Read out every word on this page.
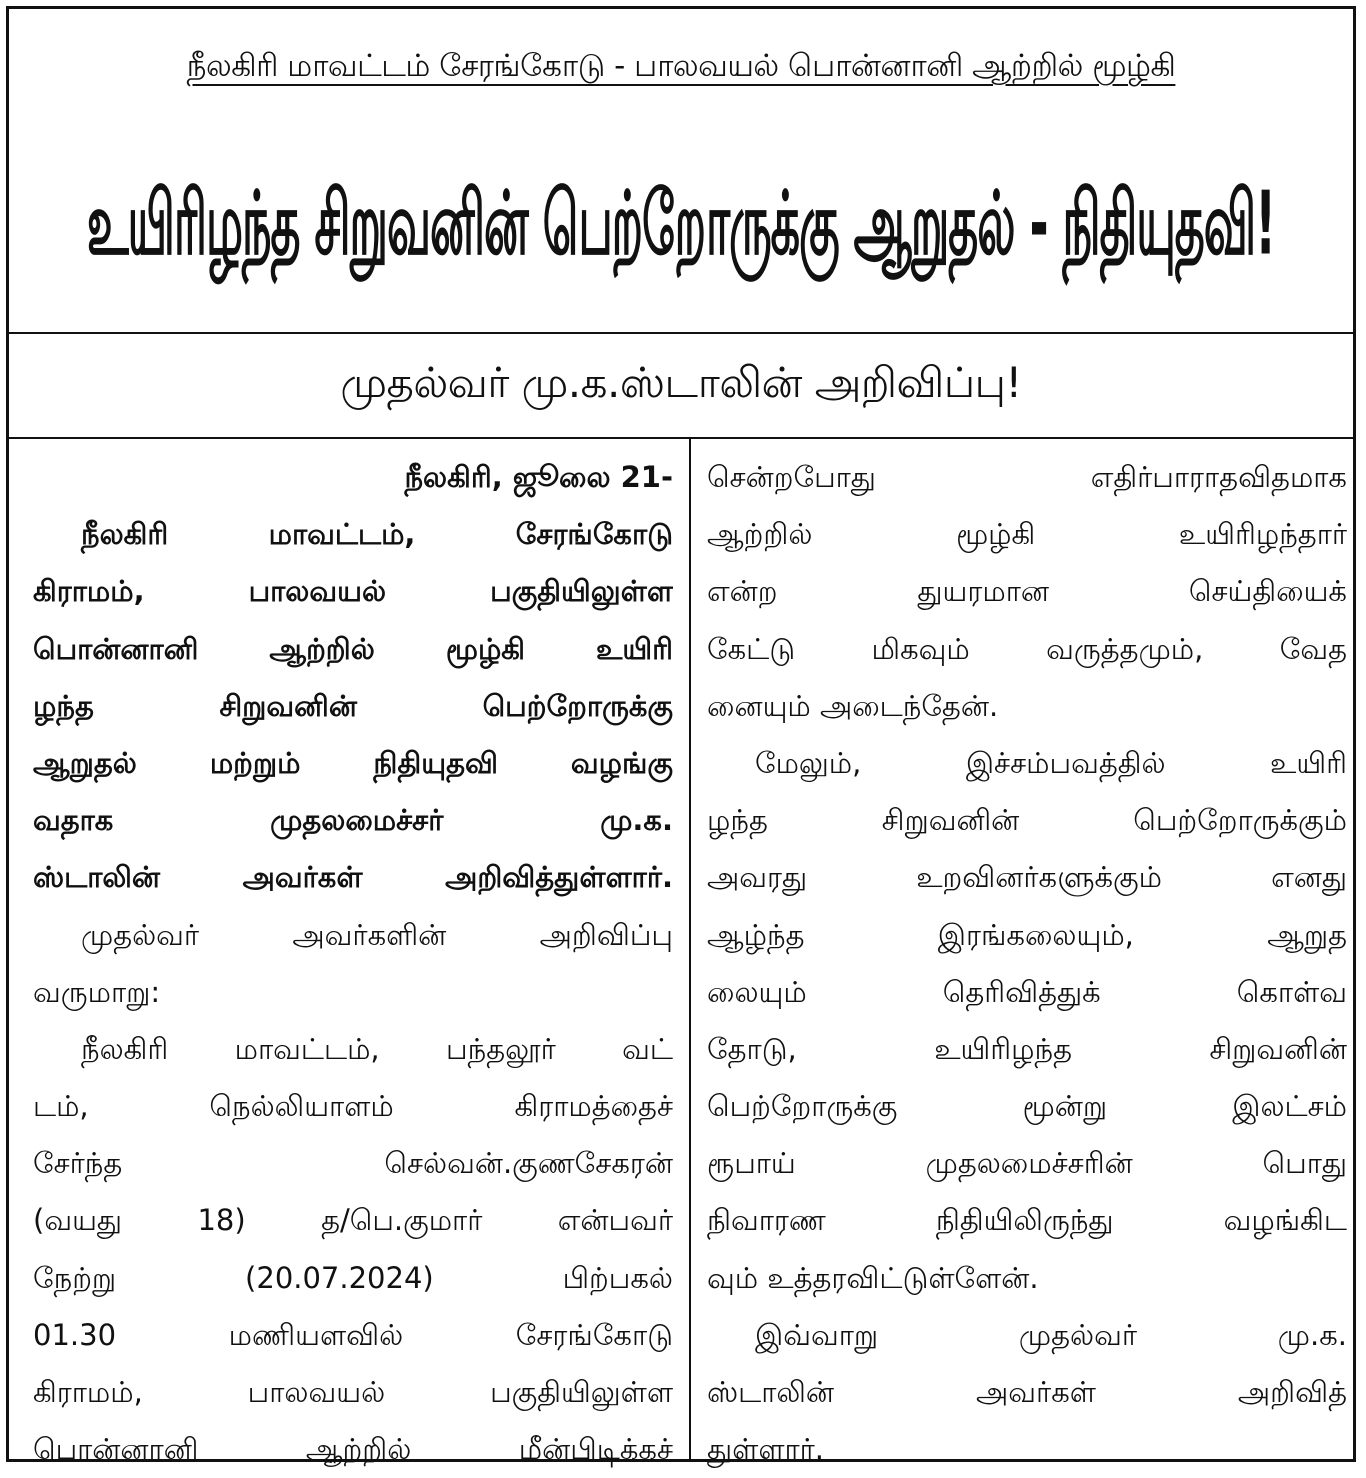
நீலகிரி மாவட்டம் சேரங்கோடு - பாலவயல் பொன்னானி ஆற்றில் மூழ்கி
உயிரிழந்த சிறுவனின் பெற்றோருக்கு ஆறுதல் - நிதியுதவி!
முதல்வர் மு.க.ஸ்டாலின் அறிவிப்பு!
நீலகிரி, ஜூலை 21-
நீலகிரி மாவட்டம், சேரங்கோடு
கிராமம், பாலவயல் பகுதியிலுள்ள
பொன்னானி ஆற்றில் மூழ்கி உயிரி
ழந்த சிறுவனின் பெற்றோருக்கு
ஆறுதல் மற்றும் நிதியுதவி வழங்கு
வதாக முதலமைச்சர் மு.க.
ஸ்டாலின் அவர்கள் அறிவித்துள்ளார்.
முதல்வர் அவர்களின் அறிவிப்பு
வருமாறு:
நீலகிரி மாவட்டம், பந்தலூர் வட்
டம், நெல்லியாளம் கிராமத்தைச்
சேர்ந்த செல்வன்.குணசேகரன்
(வயது 18) த/பெ.குமார் என்பவர்
நேற்று (20.07.2024) பிற்பகல்
01.30 மணியளவில் சேரங்கோடு
கிராமம், பாலவயல் பகுதியிலுள்ள
பொன்னானி ஆற்றில் மீன்பிடிக்கச்
சென்றபோது எதிர்பாராதவிதமாக
ஆற்றில் மூழ்கி உயிரிழந்தார்
என்ற துயரமான செய்தியைக்
கேட்டு மிகவும் வருத்தமும், வேத
னையும் அடைந்தேன்.
மேலும், இச்சம்பவத்தில் உயிரி
ழந்த சிறுவனின் பெற்றோருக்கும்
அவரது உறவினர்களுக்கும் எனது
ஆழ்ந்த இரங்கலையும், ஆறுத
லையும் தெரிவித்துக் கொள்வ
தோடு, உயிரிழந்த சிறுவனின்
பெற்றோருக்கு மூன்று இலட்சம்
ரூபாய் முதலமைச்சரின் பொது
நிவாரண நிதியிலிருந்து வழங்கிட
வும் உத்தரவிட்டுள்ளேன்.
இவ்வாறு முதல்வர் மு.க.
ஸ்டாலின் அவர்கள் அறிவித்
துள்ளார்.
